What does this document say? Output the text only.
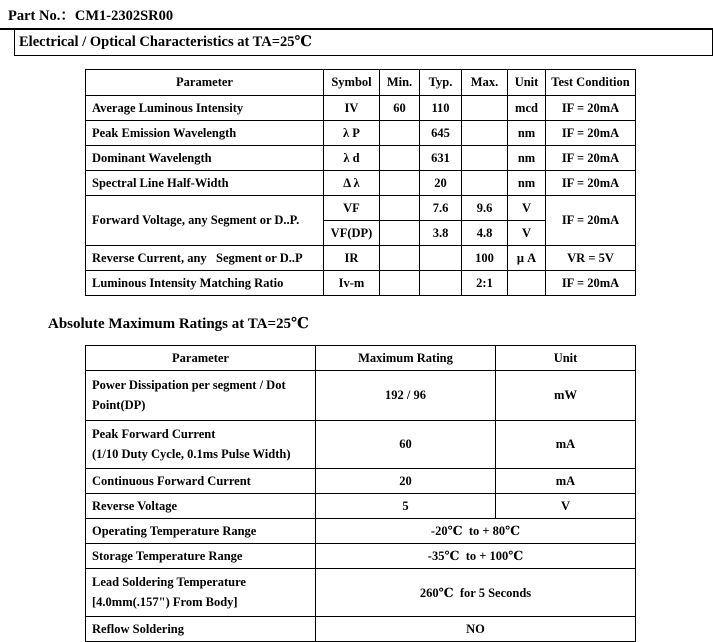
Part No.：CM1-2302SR00
Electrical / Optical Characteristics at TA=25℃
Parameter	Symbol	Min.	Typ.	Max.	Unit	Test Condition
Average Luminous Intensity	IV	60	110		mcd	IF = 20mA
Peak Emission Wavelength	λ P		645		nm	IF = 20mA
Dominant Wavelength	λ d		631		nm	IF = 20mA
Spectral Line Half-Width	Δ λ		20		nm	IF = 20mA
Forward Voltage, any Segment or D..P.	VF		7.6	9.6	V	IF = 20mA
	VF(DP)		3.8	4.8	V	
Reverse Current, any   Segment or D..P	IR			100	μ A	VR = 5V
Luminous Intensity Matching Ratio	Iv-m			2:1		IF = 20mA
Absolute Maximum Ratings at TA=25℃
Parameter	Maximum Rating	Unit

Power Dissipation per segment / Dot
Point(DP)	192 / 96	mW

Peak Forward Current
(1/10 Duty Cycle, 0.1ms Pulse Width)	60	mA
Continuous Forward Current	20	mA
Reverse Voltage	5	V
Operating Temperature Range	-20℃  to + 80℃	
Storage Temperature Range	-35℃  to + 100℃	

Lead Soldering Temperature
[4.0mm(.157") From Body]	260℃  for 5 Seconds	
Reflow Soldering	NO	
